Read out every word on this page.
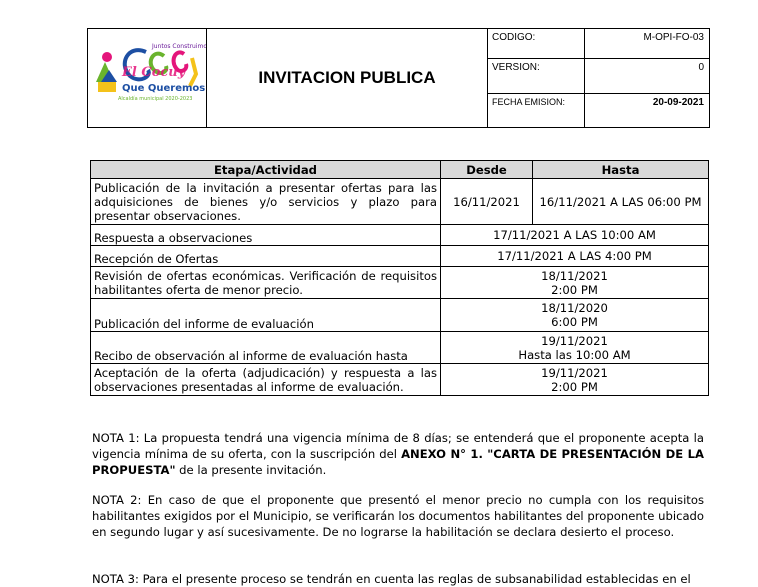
Juntos Construimos
El Cocuy
Que Queremos
Alcaldía municipal 2020-2023	INVITACION PUBLICA	CODIGO:	M-OPI-FO-03
		VERSION:	0
		FECHA EMISION:	20-09-2021
Etapa/Actividad	Desde	Hasta
Publicación de la invitación a presentar ofertas para las adquisiciones de bienes y/o servicios y plazo para presentar observaciones.	16/11/2021	16/11/2021 A LAS 06:00 PM
Respuesta a observaciones	17/11/2021 A LAS 10:00 AM	
Recepción de Ofertas	17/11/2021 A LAS 4:00 PM	
Revisión de ofertas económicas. Verificación de requisitos habilitantes oferta de menor precio.	18/11/2021
2:00 PM	

Publicación del informe de evaluación	18/11/2020
6:00 PM	

Recibo de observación al informe de evaluación hasta	19/11/2021
Hasta las 10:00 AM	

Aceptación de la oferta (adjudicación) y respuesta a las observaciones presentadas al informe de evaluación.	19/11/2021
2:00 PM	

NOTA 1: La propuesta tendrá una vigencia mínima de 8 días; se entenderá que el proponente acepta la vigencia mínima de su oferta, con la suscripción del ANEXO N° 1. "CARTA DE PRESENTACIÓN DE LA PROPUESTA" de la presente invitación.

NOTA 2: En caso de que el proponente que presentó el menor precio no cumpla con los requisitos habilitantes exigidos por el Municipio, se verificarán los documentos habilitantes del proponente ubicado en segundo lugar y así sucesivamente. De no lograrse la habilitación se declara desierto el proceso.

NOTA 3: Para el presente proceso se tendrán en cuenta las reglas de subsanabilidad establecidas en el
